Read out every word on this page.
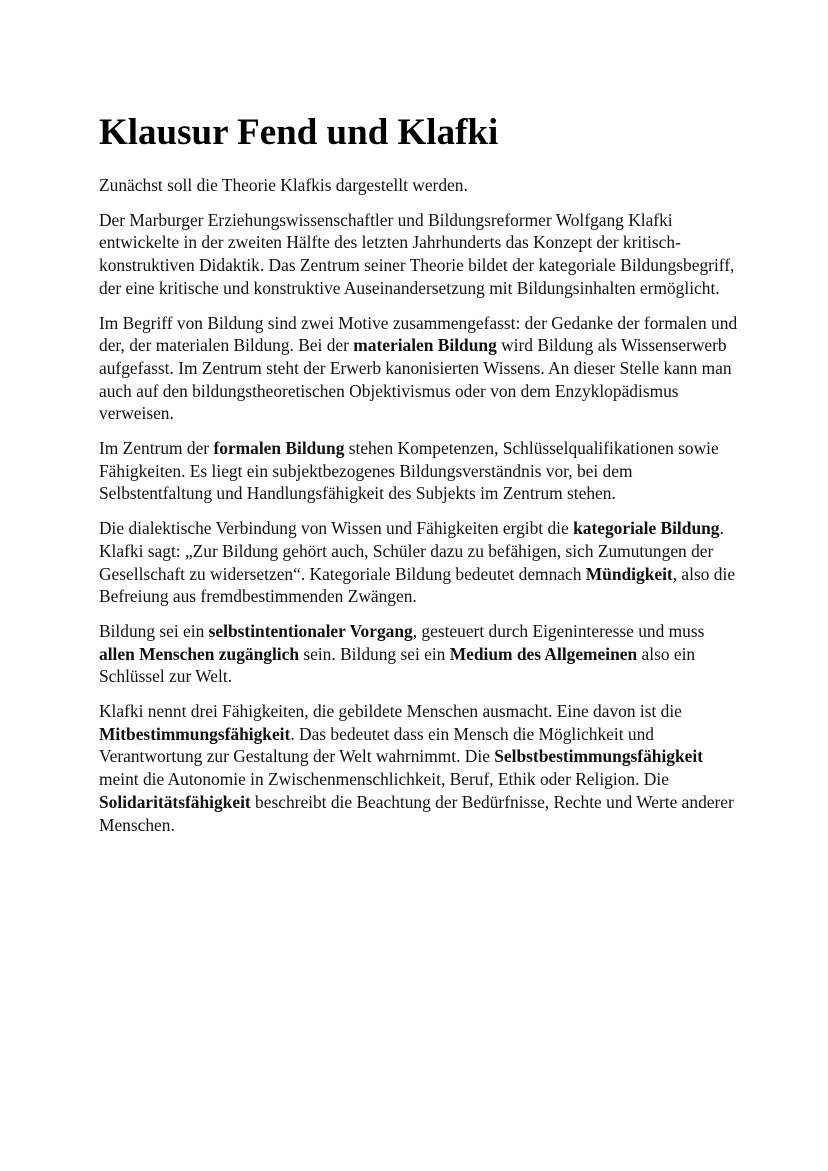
Klausur Fend und Klafki

Zunächst soll die Theorie Klafkis dargestellt werden.

Der Marburger Erziehungswissenschaftler und Bildungsreformer Wolfgang Klafki entwickelte in der zweiten Hälfte des letzten Jahrhunderts das Konzept der kritisch-konstruktiven Didaktik. Das Zentrum seiner Theorie bildet der kategoriale Bildungsbegriff, der eine kritische und konstruktive Auseinandersetzung mit Bildungsinhalten ermöglicht.

Im Begriff von Bildung sind zwei Motive zusammengefasst: der Gedanke der formalen und der, der materialen Bildung. Bei der materialen Bildung wird Bildung als Wissenserwerb aufgefasst. Im Zentrum steht der Erwerb kanonisierten Wissens. An dieser Stelle kann man auch auf den bildungstheoretischen Objektivismus oder von dem Enzyklopädismus verweisen.

Im Zentrum der formalen Bildung stehen Kompetenzen, Schlüsselqualifikationen sowie Fähigkeiten. Es liegt ein subjektbezogenes Bildungsverständnis vor, bei dem Selbstentfaltung und Handlungsfähigkeit des Subjekts im Zentrum stehen.

Die dialektische Verbindung von Wissen und Fähigkeiten ergibt die kategoriale Bildung. Klafki sagt: „Zur Bildung gehört auch, Schüler dazu zu befähigen, sich Zumutungen der Gesellschaft zu widersetzen“. Kategoriale Bildung bedeutet demnach Mündigkeit, also die Befreiung aus fremdbestimmenden Zwängen.

Bildung sei ein selbstintentionaler Vorgang, gesteuert durch Eigeninteresse und muss allen Menschen zugänglich sein. Bildung sei ein Medium des Allgemeinen also ein Schlüssel zur Welt.

Klafki nennt drei Fähigkeiten, die gebildete Menschen ausmacht. Eine davon ist die Mitbestimmungsfähigkeit. Das bedeutet dass ein Mensch die Möglichkeit und Verantwortung zur Gestaltung der Welt wahrnimmt. Die Selbstbestimmungsfähigkeit meint die Autonomie in Zwischenmenschlichkeit, Beruf, Ethik oder Religion. Die Solidaritätsfähigkeit beschreibt die Beachtung der Bedürfnisse, Rechte und Werte anderer Menschen.
